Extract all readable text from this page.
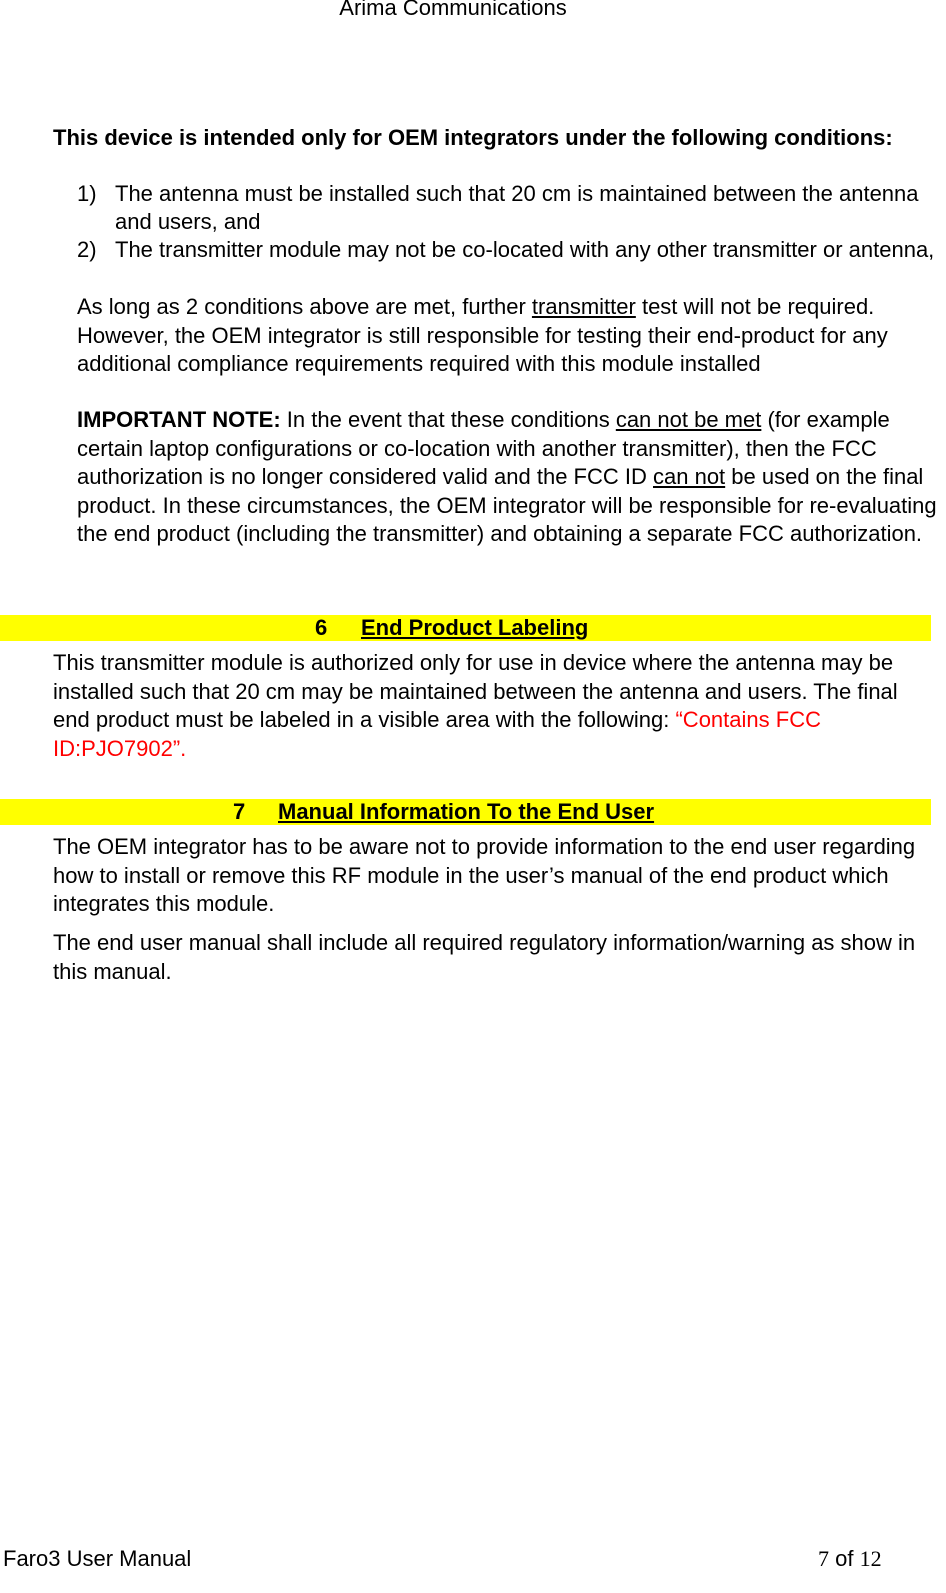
Arima Communications
This device is intended only for OEM integrators under the following conditions:
1) The antenna must be installed such that 20 cm is maintained between the antenna and users, and
2) The transmitter module may not be co-located with any other transmitter or antenna,
As long as 2 conditions above are met, further transmitter test will not be required. However, the OEM integrator is still responsible for testing their end-product for any additional compliance requirements required with this module installed
IMPORTANT NOTE: In the event that these conditions can not be met (for example certain laptop configurations or co-location with another transmitter), then the FCC authorization is no longer considered valid and the FCC ID can not be used on the final product. In these circumstances, the OEM integrator will be responsible for re-evaluating the end product (including the transmitter) and obtaining a separate FCC authorization.
6 End Product Labeling
This transmitter module is authorized only for use in device where the antenna may be installed such that 20 cm may be maintained between the antenna and users. The final end product must be labeled in a visible area with the following: “Contains FCC ID:PJO7902”.
7 Manual Information To the End User
The OEM integrator has to be aware not to provide information to the end user regarding how to install or remove this RF module in the user’s manual of the end product which integrates this module.
The end user manual shall include all required regulatory information/warning as show in this manual.
Faro3 User Manual	7 of 12
